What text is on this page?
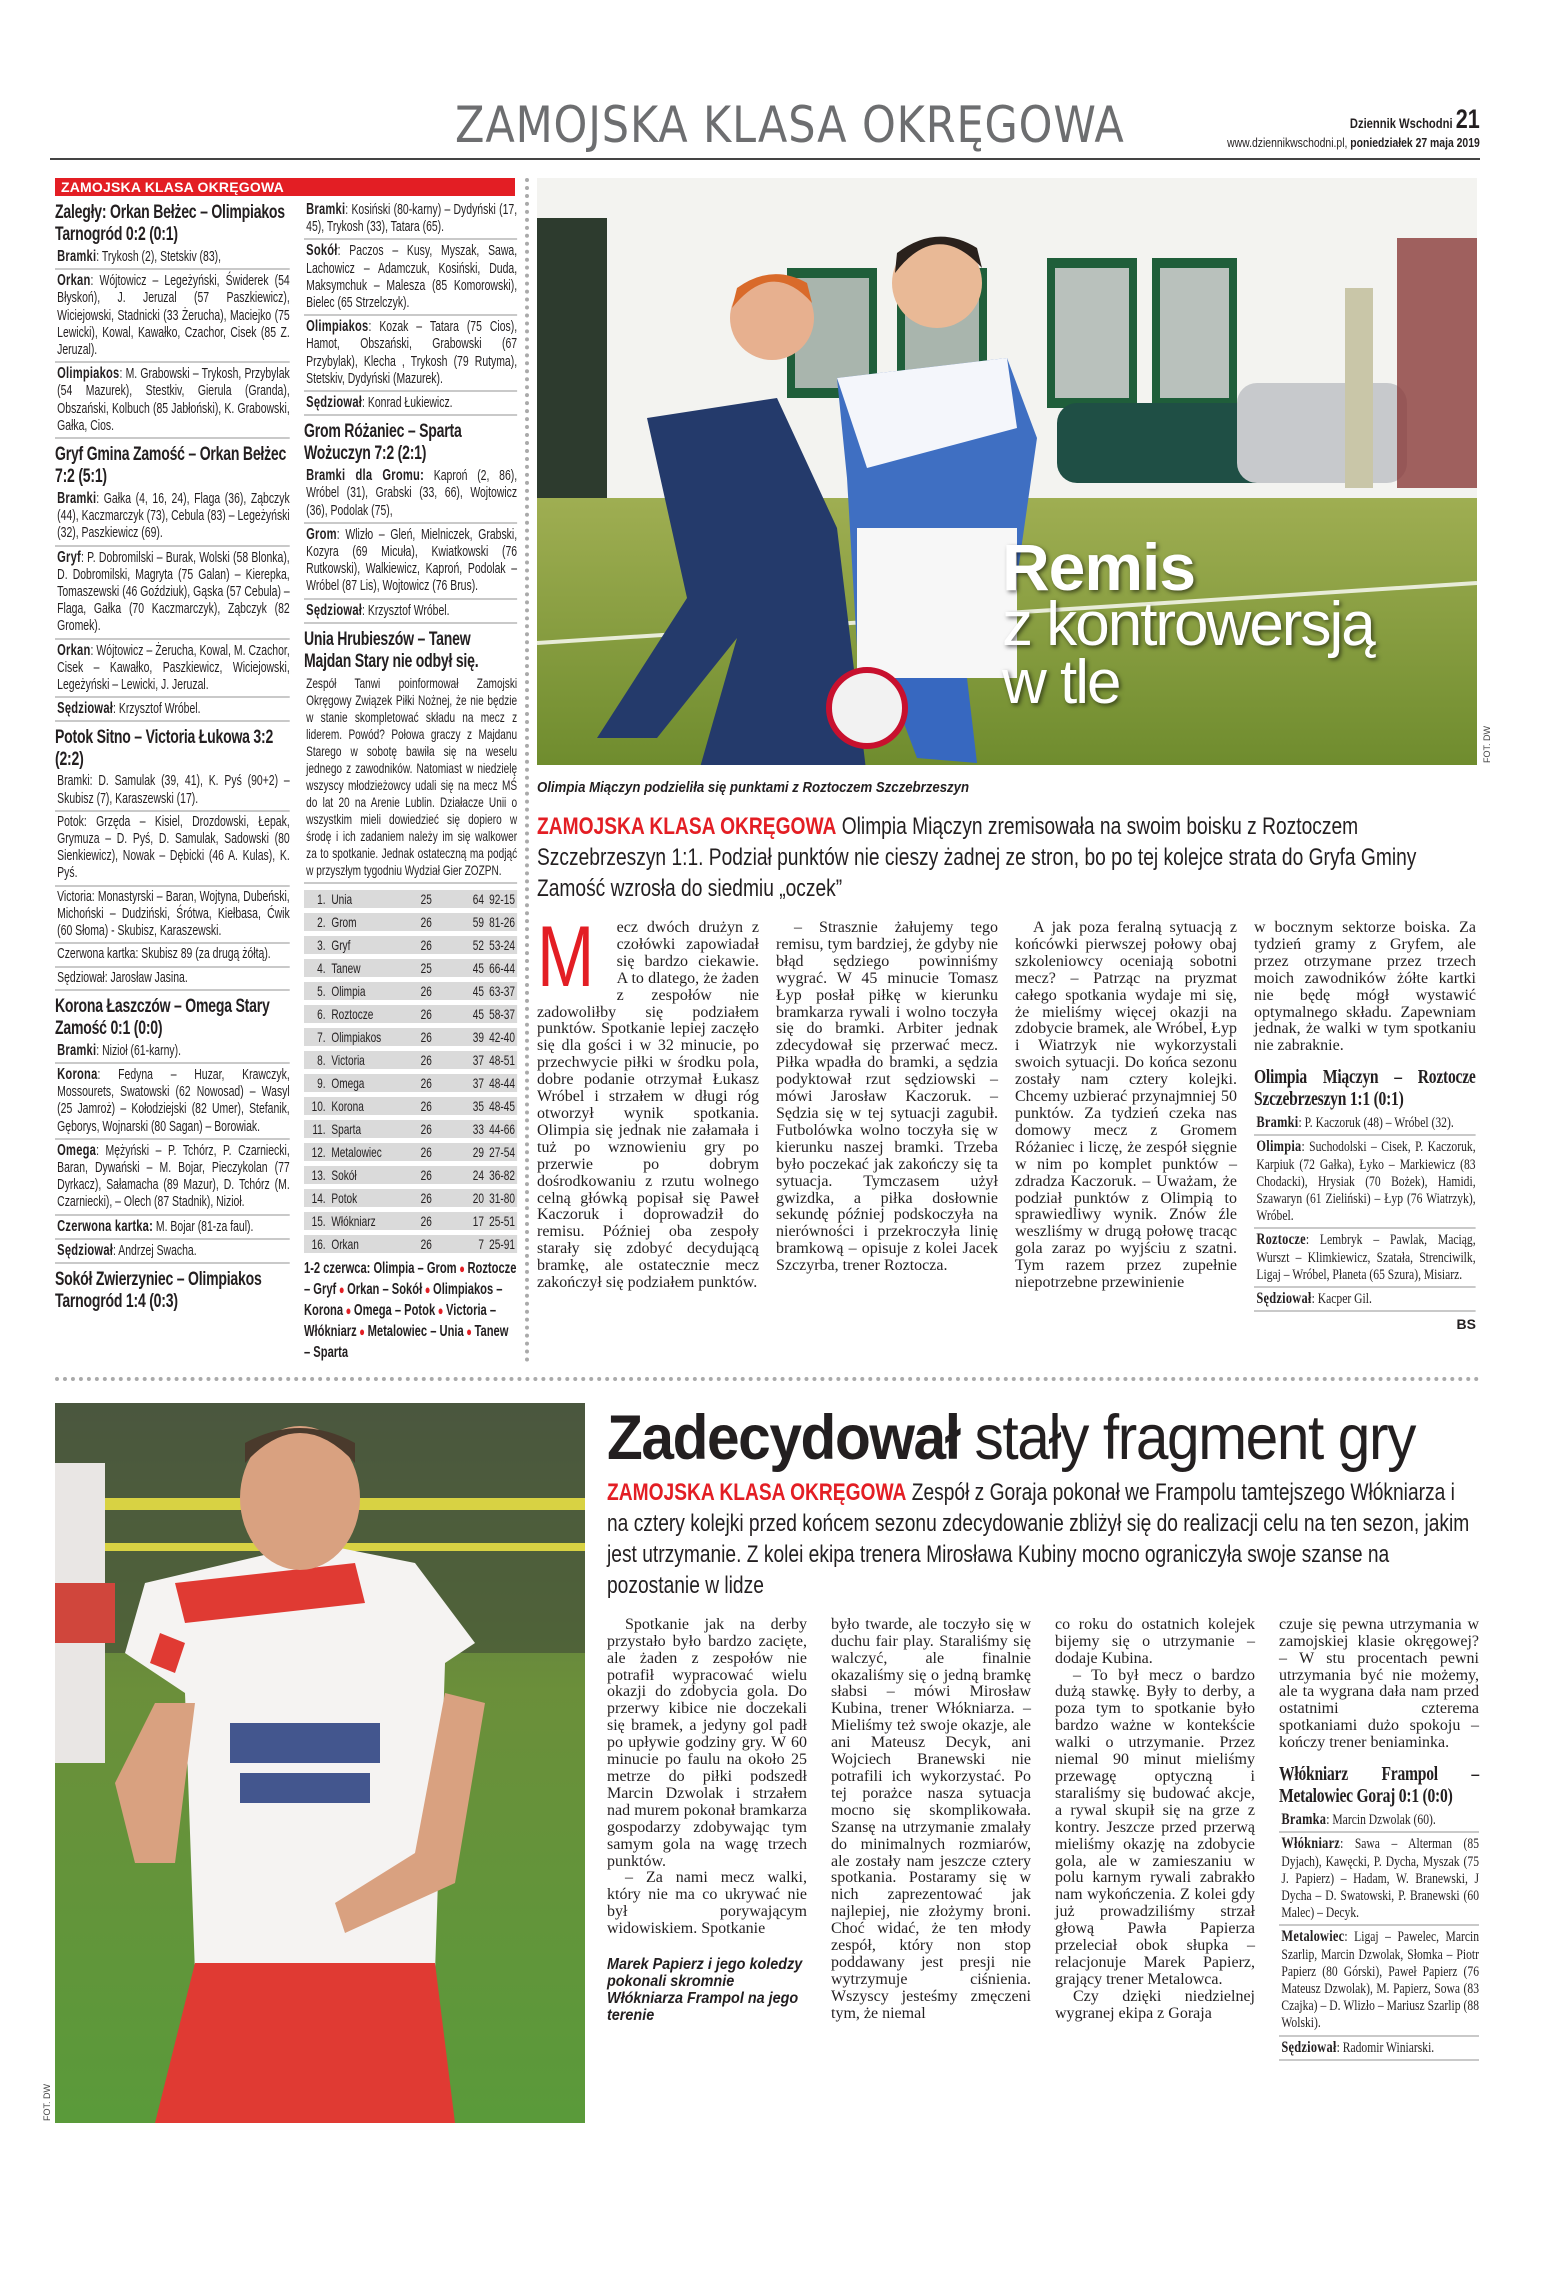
ZAMOJSKA KLASA OKRĘGOWA	Dziennik Wschodni 21
www.dziennikwschodni.pl, poniedziałek 27 maja 2019
ZAMOJSKA KLASA OKRĘGOWA
Zaległy: Orkan Bełżec – Olimpiakos Tarnogród 0:2 (0:1)
Bramki: Trykosh (2), Stetskiv (83),
Orkan: Wójtowicz – Legeżyński, Świderek (54 Błyskoń), J. Jeruzal (57 Paszkiewicz), Wiciejowski, Stadnicki (33 Żerucha), Maciejko (75 Lewicki), Kowal, Kawałko, Czachor, Cisek (85 Z. Jeruzal).
Olimpiakos: M. Grabowski – Trykosh, Przybylak (54 Mazurek), Stestkiv, Gierula (Granda), Obszański, Kolbuch (85 Jabłoński), K. Grabowski, Gałka, Cios.
Gryf Gmina Zamość – Orkan Bełżec 7:2 (5:1)
Bramki: Gałka (4, 16, 24), Flaga (36), Ząbczyk (44), Kaczmarczyk (73), Cebula (83) – Legeżyński (32), Paszkiewicz (69).
Gryf: P. Dobromilski – Burak, Wolski (58 Blonka), D. Dobromilski, Magryta (75 Galan) – Kierepka, Tomaszewski (46 Goździuk), Gąska (57 Cebula) – Flaga, Gałka (70 Kaczmarczyk), Ząbczyk (82 Gromek).
Orkan: Wójtowicz – Żerucha, Kowal, M. Czachor, Cisek – Kawałko, Paszkiewicz, Wiciejowski, Legeżyński – Lewicki, J. Jeruzal.
Sędziował: Krzysztof Wróbel.
Potok Sitno – Victoria Łukowa 3:2 (2:2)
Bramki: D. Samulak (39, 41), K. Pyś (90+2) – Skubisz (7), Karaszewski (17).
Potok: Grzęda – Kisiel, Drozdowski, Łepak, Grymuza – D. Pyś, D. Samulak, Sadowski (80 Sienkiewicz), Nowak – Dębicki (46 A. Kulas), K. Pyś.
Victoria: Monastyrski – Baran, Wojtyna, Dubeński, Michoński – Dudziński, Śrótwa, Kiełbasa, Ćwik (60 Słoma) - Skubisz, Karaszewski.
Czerwona kartka: Skubisz 89 (za drugą żółtą).
Sędziował: Jarosław Jasina.
Korona Łaszczów – Omega Stary Zamość 0:1 (0:0)
Bramki: Nizioł (61-karny).
Korona: Fedyna – Huzar, Krawczyk, Mossourets, Swatowski (62 Nowosad) – Wasyl (25 Jamroż) – Kołodziejski (82 Umer), Stefanik, Gęborys, Wojnarski (80 Sagan) – Borowiak.
Omega: Mężyński – P. Tchórz, P. Czarniecki, Baran, Dywański – M. Bojar, Pieczykolan (77 Dyrkacz), Sałamacha (89 Mazur), D. Tchórz (M. Czarniecki), – Olech (87 Stadnik), Nizioł.
Czerwona kartka: M. Bojar (81-za faul).
Sędziował: Andrzej Swacha.
Sokół Zwierzyniec – Olimpiakos Tarnogród 1:4 (0:3)
Bramki: Kosiński (80-karny) – Dydyński (17, 45), Trykosh (33), Tatara (65).
Sokół: Paczos – Kusy, Myszak, Sawa, Lachowicz – Adamczuk, Kosiński, Duda, Maksymchuk – Malesza (85 Komorowski), Bielec (65 Strzelczyk).
Olimpiakos: Kozak – Tatara (75 Cios), Hamot, Obszański, Grabowski (67 Przybylak), Klecha , Trykosh (79 Rutyma), Stetskiv, Dydyński (Mazurek).
Sędziował: Konrad Łukiewicz.
Grom Różaniec – Sparta Wożuczyn 7:2 (2:1)
Bramki dla Gromu: Kaproń (2, 86), Wróbel (31), Grabski (33, 66), Wojtowicz (36), Podolak (75),
Grom: Wlizło – Gleń, Mielniczek, Grabski, Kozyra (69 Micuła), Kwiatkowski (76 Rutkowski), Walkiewicz, Kaproń, Podolak – Wróbel (87 Lis), Wojtowicz (76 Brus).
Sędziował: Krzysztof Wróbel.
Unia Hrubieszów – Tanew Majdan Stary nie odbył się.
Zespół Tanwi poinformował Zamojski Okręgowy Związek Piłki Nożnej, że nie będzie w stanie skompletować składu na mecz z liderem. Powód? Połowa graczy z Majdanu Starego w sobotę bawiła się na weselu jednego z zawodników. Natomiast w niedzielę wszyscy młodzieżowcy udali się na mecz MŚ do lat 20 na Arenie Lublin. Działacze Unii o wszystkim mieli dowiedzieć się dopiero w środę i ich zadaniem należy im się walkower za to spotkanie. Jednak ostateczną ma podjąć w przyszłym tygodniu Wydział Gier ZOZPN.
1. Unia	25	64 92-15
2. Grom	26	59 81-26
3. Gryf	26	52 53-24
4. Tanew	25	45 66-44
5. Olimpia	26	45 63-37
6. Roztocze	26	45 58-37
7. Olimpiakos	26	39 42-40
8. Victoria	26	37 48-51
9. Omega	26	37 48-44
10. Korona	26	35 48-45
11. Sparta	26	33 44-66
12. Metalowiec	26	29 27-54
13. Sokół	26	24 36-82
14. Potok	26	20 31-80
15. Włókniarz	26	17 25-51
16. Orkan	26	7 25-91
1-2 czerwca: Olimpia – Grom ● Roztocze – Gryf ● Orkan – Sokół ● Olimpiakos – Korona ● Omega – Potok ● Victoria – Włókniarz ● Metalowiec – Unia ● Tanew – Sparta
Remis
z kontrowersją
w tle
FOT. DW
Olimpia Miączyn podzieliła się punktami z Roztoczem Szczebrzeszyn
ZAMOJSKA KLASA OKRĘGOWA Olimpia Miączyn zremisowała na swoim boisku z Roztoczem Szczebrzeszyn 1:1. Podział punktów nie cieszy żadnej ze stron, bo po tej kolejce strata do Gryfa Gminy Zamość wzrosła do siedmiu „oczek”

M ecz dwóch drużyn z czołówki zapowiadał się bardzo ciekawie. A to dlatego, że żaden z zespołów nie zadowoliłby się podziałem punktów. Spotkanie lepiej zaczęło się dla gości i w 32 minucie, po przechwycie piłki w środku pola, dobre podanie otrzymał Łukasz Wróbel i strzałem w długi róg otworzył wynik spotkania. Olimpia się jednak nie załamała i tuż po wznowieniu gry po przerwie po dobrym dośrodkowaniu z rzutu wolnego celną główką popisał się Paweł Kaczoruk i doprowadził do remisu. Później oba zespoły starały się zdobyć decydującą bramkę, ale ostatecznie mecz zakończył się podziałem punktów.

– Strasznie żałujemy tego remisu, tym bardziej, że gdyby nie błąd sędziego powinniśmy wygrać. W 45 minucie Tomasz Łyp posłał piłkę w kierunku bramkarza rywali i wolno toczyła się do bramki. Arbiter jednak zdecydował się przerwać mecz. Piłka wpadła do bramki, a sędzia podyktował rzut sędziowski – mówi Jarosław Kaczoruk. – Sędzia się w tej sytuacji zagubił. Futbolówka wolno toczyła się w kierunku naszej bramki. Trzeba było poczekać jak zakończy się ta sytuacja. Tymczasem użył gwizdka, a piłka dosłownie sekundę później podskoczyła na nierówności i przekroczyła linię bramkową – opisuje z kolei Jacek Szczyrba, trener Roztocza.

A jak poza feralną sytuacją z końcówki pierwszej połowy obaj szkoleniowcy oceniają sobotni mecz? – Patrząc na pryzmat całego spotkania wydaje mi się, że mieliśmy więcej okazji na zdobycie bramek, ale Wróbel, Łyp i Wiatrzyk nie wykorzystali swoich sytuacji. Do końca sezonu zostały nam cztery kolejki. Chcemy uzbierać przynajmniej 50 punktów. Za tydzień czeka nas domowy mecz z Gromem Różaniec i liczę, że zespół sięgnie w nim po komplet punktów – zdradza Kaczoruk. – Uważam, że podział punktów z Olimpią to sprawiedliwy wynik. Znów źle weszliśmy w drugą połowę tracąc gola zaraz po wyjściu z szatni. Tym razem przez zupełnie niepotrzebne przewinienie

w bocznym sektorze boiska. Za tydzień gramy z Gryfem, ale przez otrzymane przez trzech moich zawodników żółte kartki nie będę mógł wystawić optymalnego składu. Zapewniam jednak, że walki w tym spotkaniu nie zabraknie.

Olimpia Miączyn – Roztocze Szczebrzeszyn 1:1 (0:1)
Bramki: P. Kaczoruk (48) – Wróbel (32).
Olimpia: Suchodolski – Cisek, P. Kaczoruk, Karpiuk (72 Gałka), Łyko – Markiewicz (83 Chodacki), Hrysiak (70 Bożek), Hamidi, Szawaryn (61 Zieliński) – Łyp (76 Wiatrzyk), Wróbel.
Roztocze: Lembryk – Pawlak, Maciąg, Wurszt – Klimkiewicz, Szatała, Strenciwilk, Ligaj – Wróbel, Płaneta (65 Szura), Misiarz.
Sędziował: Kacper Gil.
BS
FOT. DW
Zadecydował stały fragment gry
ZAMOJSKA KLASA OKRĘGOWA Zespół z Goraja pokonał we Frampolu tamtejszego Włókniarza i na cztery kolejki przed końcem sezonu zdecydowanie zbliżył się do realizacji celu na ten sezon, jakim jest utrzymanie. Z kolei ekipa trenera Mirosława Kubiny mocno ograniczyła swoje szanse na pozostanie w lidze

Spotkanie jak na derby przystało było bardzo zacięte, ale żaden z zespołów nie potrafił wypracować wielu okazji do zdobycia gola. Do przerwy kibice nie doczekali się bramek, a jedyny gol padł po upływie godziny gry. W 60 minucie po faulu na około 25 metrze do piłki podszedł Marcin Dzwolak i strzałem nad murem pokonał bramkarza gospodarzy zdobywając tym samym gola na wagę trzech punktów.

– Za nami mecz walki, który nie ma co ukrywać nie był porywającym widowiskiem. Spotkanie

Marek Papierz i jego koledzy pokonali skromnie Włókniarza Frampol na jego terenie

było twarde, ale toczyło się w duchu fair play. Staraliśmy się walczyć, ale finalnie okazaliśmy się o jedną bramkę słabsi – mówi Mirosław Kubina, trener Włókniarza. – Mieliśmy też swoje okazje, ale ani Mateusz Decyk, ani Wojciech Branewski nie potrafili ich wykorzystać. Po tej porażce nasza sytuacja mocno się skomplikowała. Szansę na utrzymanie zmalały do minimalnych rozmiarów, ale zostały nam jeszcze cztery spotkania. Postaramy się w nich zaprezentować jak najlepiej, nie złożymy broni. Choć widać, że ten młody zespół, który non stop poddawany jest presji nie wytrzymuje ciśnienia. Wszyscy jesteśmy zmęczeni tym, że niemal

co roku do ostatnich kolejek bijemy się o utrzymanie – dodaje Kubina.

– To był mecz o bardzo dużą stawkę. Były to derby, a poza tym to spotkanie było bardzo ważne w kontekście walki o utrzymanie. Przez niemal 90 minut mieliśmy przewagę optyczną i staraliśmy się budować akcje, a rywal skupił się na grze z kontry. Jeszcze przed przerwą mieliśmy okazję na zdobycie gola, ale w zamieszaniu w polu karnym rywali zabrakło nam wykończenia. Z kolei gdy już prowadziliśmy strzał głową Pawła Papierza przeleciał obok słupka – relacjonuje Marek Papierz, grający trener Metalowca.

Czy dzięki niedzielnej wygranej ekipa z Goraja

czuje się pewna utrzymania w zamojskiej klasie okręgowej? – W stu procentach pewni utrzymania być nie możemy, ale ta wygrana dała nam przed ostatnimi czterema spotkaniami dużo spokoju – kończy trener beniaminka.

Włókniarz Frampol – Metalowiec Goraj 0:1 (0:0)
Bramka: Marcin Dzwolak (60).
Włókniarz: Sawa – Alterman (85 Dyjach), Kawęcki, P. Dycha, Myszak (75 J. Papierz) – Hadam, W. Branewski, J Dycha – D. Swatowski, P. Branewski (60 Malec) – Decyk.
Metalowiec: Ligaj – Pawelec, Marcin Szarlip, Marcin Dzwolak, Słomka – Piotr Papierz (80 Górski), Paweł Papierz (76 Mateusz Dzwolak), M. Papierz, Sowa (83 Czajka) – D. Wlizło – Mariusz Szarlip (88 Wolski).
Sędziował: Radomir Winiarski.
